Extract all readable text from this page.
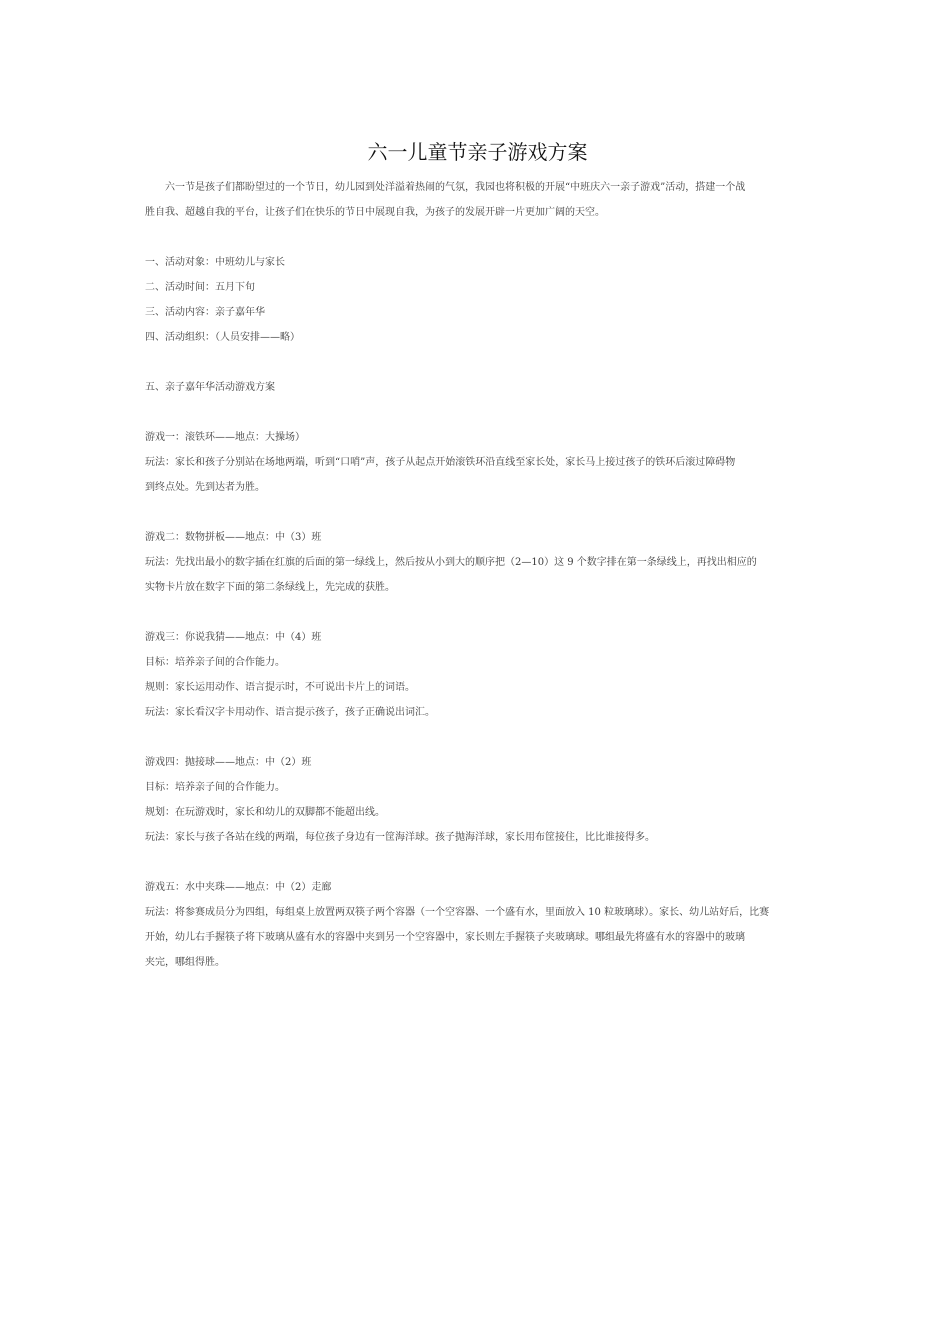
六一儿童节亲子游戏方案

六一节是孩子们都盼望过的一个节日，幼儿园到处洋溢着热闹的气氛，我园也将积极的开展“中班庆六一亲子游戏”活动，搭建一个战

胜自我、超越自我的平台，让孩子们在快乐的节日中展现自我，为孩子的发展开辟一片更加广阔的天空。

一、活动对象：中班幼儿与家长

二、活动时间：五月下旬

三、活动内容：亲子嘉年华

四、活动组织：（人员安排——略）

五、亲子嘉年华活动游戏方案

游戏一：滚铁环——地点：大操场）

玩法：家长和孩子分别站在场地两端，听到“口哨”声，孩子从起点开始滚铁环沿直线至家长处，家长马上接过孩子的铁环后滚过障碍物

到终点处。先到达者为胜。

游戏二：数物拼板——地点：中（3）班

玩法：先找出最小的数字插在红旗的后面的第一绿线上，然后按从小到大的顺序把（2—10）这 9 个数字排在第一条绿线上，再找出相应的

实物卡片放在数字下面的第二条绿线上，先完成的获胜。

游戏三：你说我猜——地点：中（4）班

目标：培养亲子间的合作能力。

规则：家长运用动作、语言提示时，不可说出卡片上的词语。

玩法：家长看汉字卡用动作、语言提示孩子，孩子正确说出词汇。

游戏四：抛接球——地点：中（2）班

目标：培养亲子间的合作能力。

规划：在玩游戏时，家长和幼儿的双脚都不能超出线。

玩法：家长与孩子各站在线的两端，每位孩子身边有一筐海洋球。孩子抛海洋球，家长用布筐接住，比比谁接得多。

游戏五：水中夹珠——地点：中（2）走廊

玩法：将参赛成员分为四组，每组桌上放置两双筷子两个容器（一个空容器、一个盛有水，里面放入 10 粒玻璃球）。家长、幼儿站好后，比赛

开始，幼儿右手握筷子将下玻璃从盛有水的容器中夹到另一个空容器中，家长则左手握筷子夹玻璃球。哪组最先将盛有水的容器中的玻璃

夹完，哪组得胜。
